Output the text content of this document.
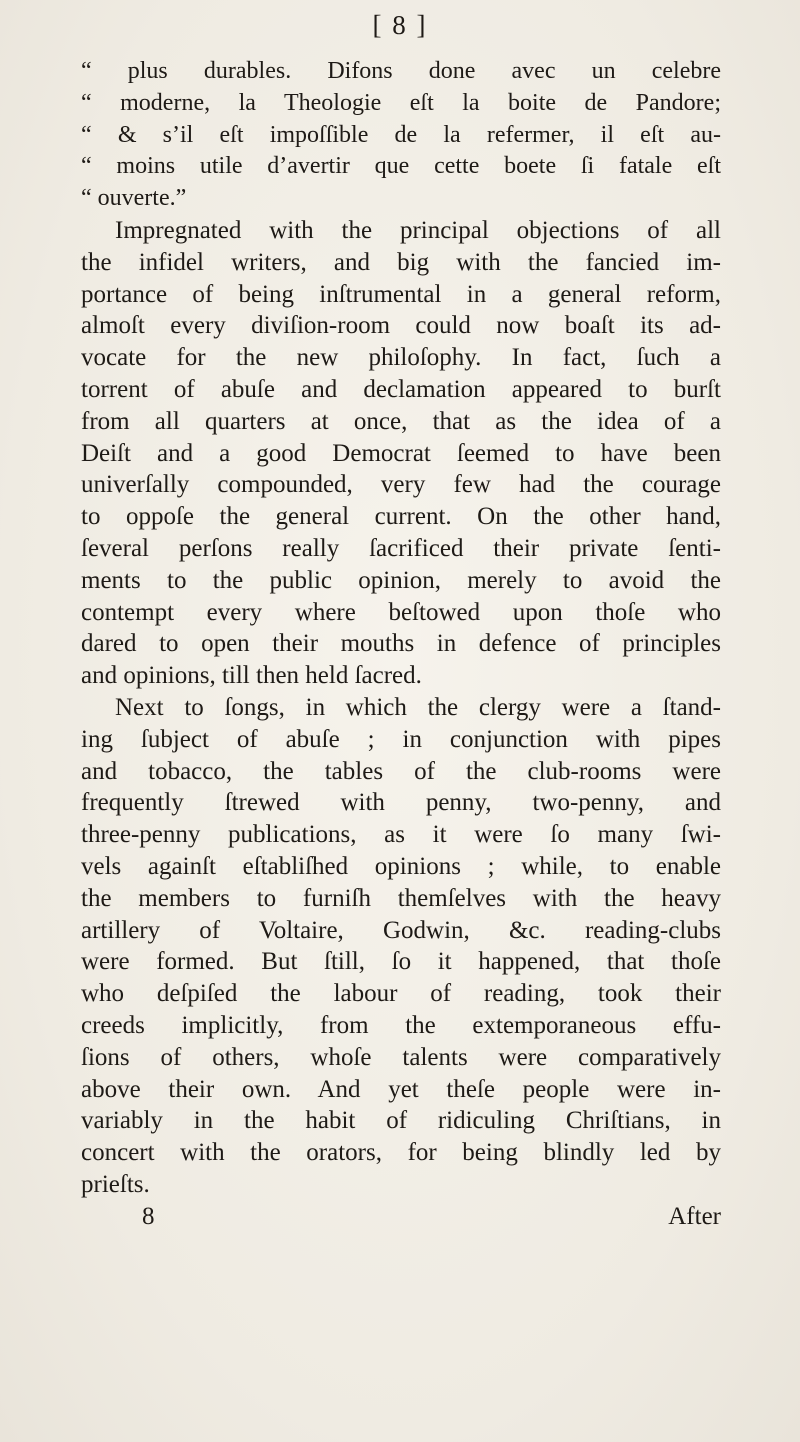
[ 8 ]
“ plus durables. Difons done avec un celebre
“ moderne, la Theologie eſt la boite de Pandore;
“ & s’il eſt impoſſible de la refermer, il eſt au-
“ moins utile d’avertir que cette boete ſi fatale eſt
“ ouverte.”
Impregnated with the principal objections of all
the infidel writers, and big with the fancied im-
portance of being inſtrumental in a general reform,
almoſt every diviſion-room could now boaſt its ad-
vocate for the new philoſophy. In fact, ſuch a
torrent of abuſe and declamation appeared to burſt
from all quarters at once, that as the idea of a
Deiſt and a good Democrat ſeemed to have been
univerſally compounded, very few had the courage
to oppoſe the general current. On the other hand,
ſeveral perſons really ſacrificed their private ſenti-
ments to the public opinion, merely to avoid the
contempt every where beſtowed upon thoſe who
dared to open their mouths in defence of principles
and opinions, till then held ſacred.
Next to ſongs, in which the clergy were a ſtand-
ing ſubject of abuſe ; in conjunction with pipes
and tobacco, the tables of the club-rooms were
frequently ſtrewed with penny, two-penny, and
three-penny publications, as it were ſo many ſwi-
vels againſt eſtabliſhed opinions ; while, to enable
the members to furniſh themſelves with the heavy
artillery of Voltaire, Godwin, &c. reading-clubs
were formed. But ſtill, ſo it happened, that thoſe
who deſpiſed the labour of reading, took their
creeds implicitly, from the extemporaneous effu-
ſions of others, whoſe talents were comparatively
above their own. And yet theſe people were in-
variably in the habit of ridiculing Chriſtians, in
concert with the orators, for being blindly led by
prieſts.
8	After
